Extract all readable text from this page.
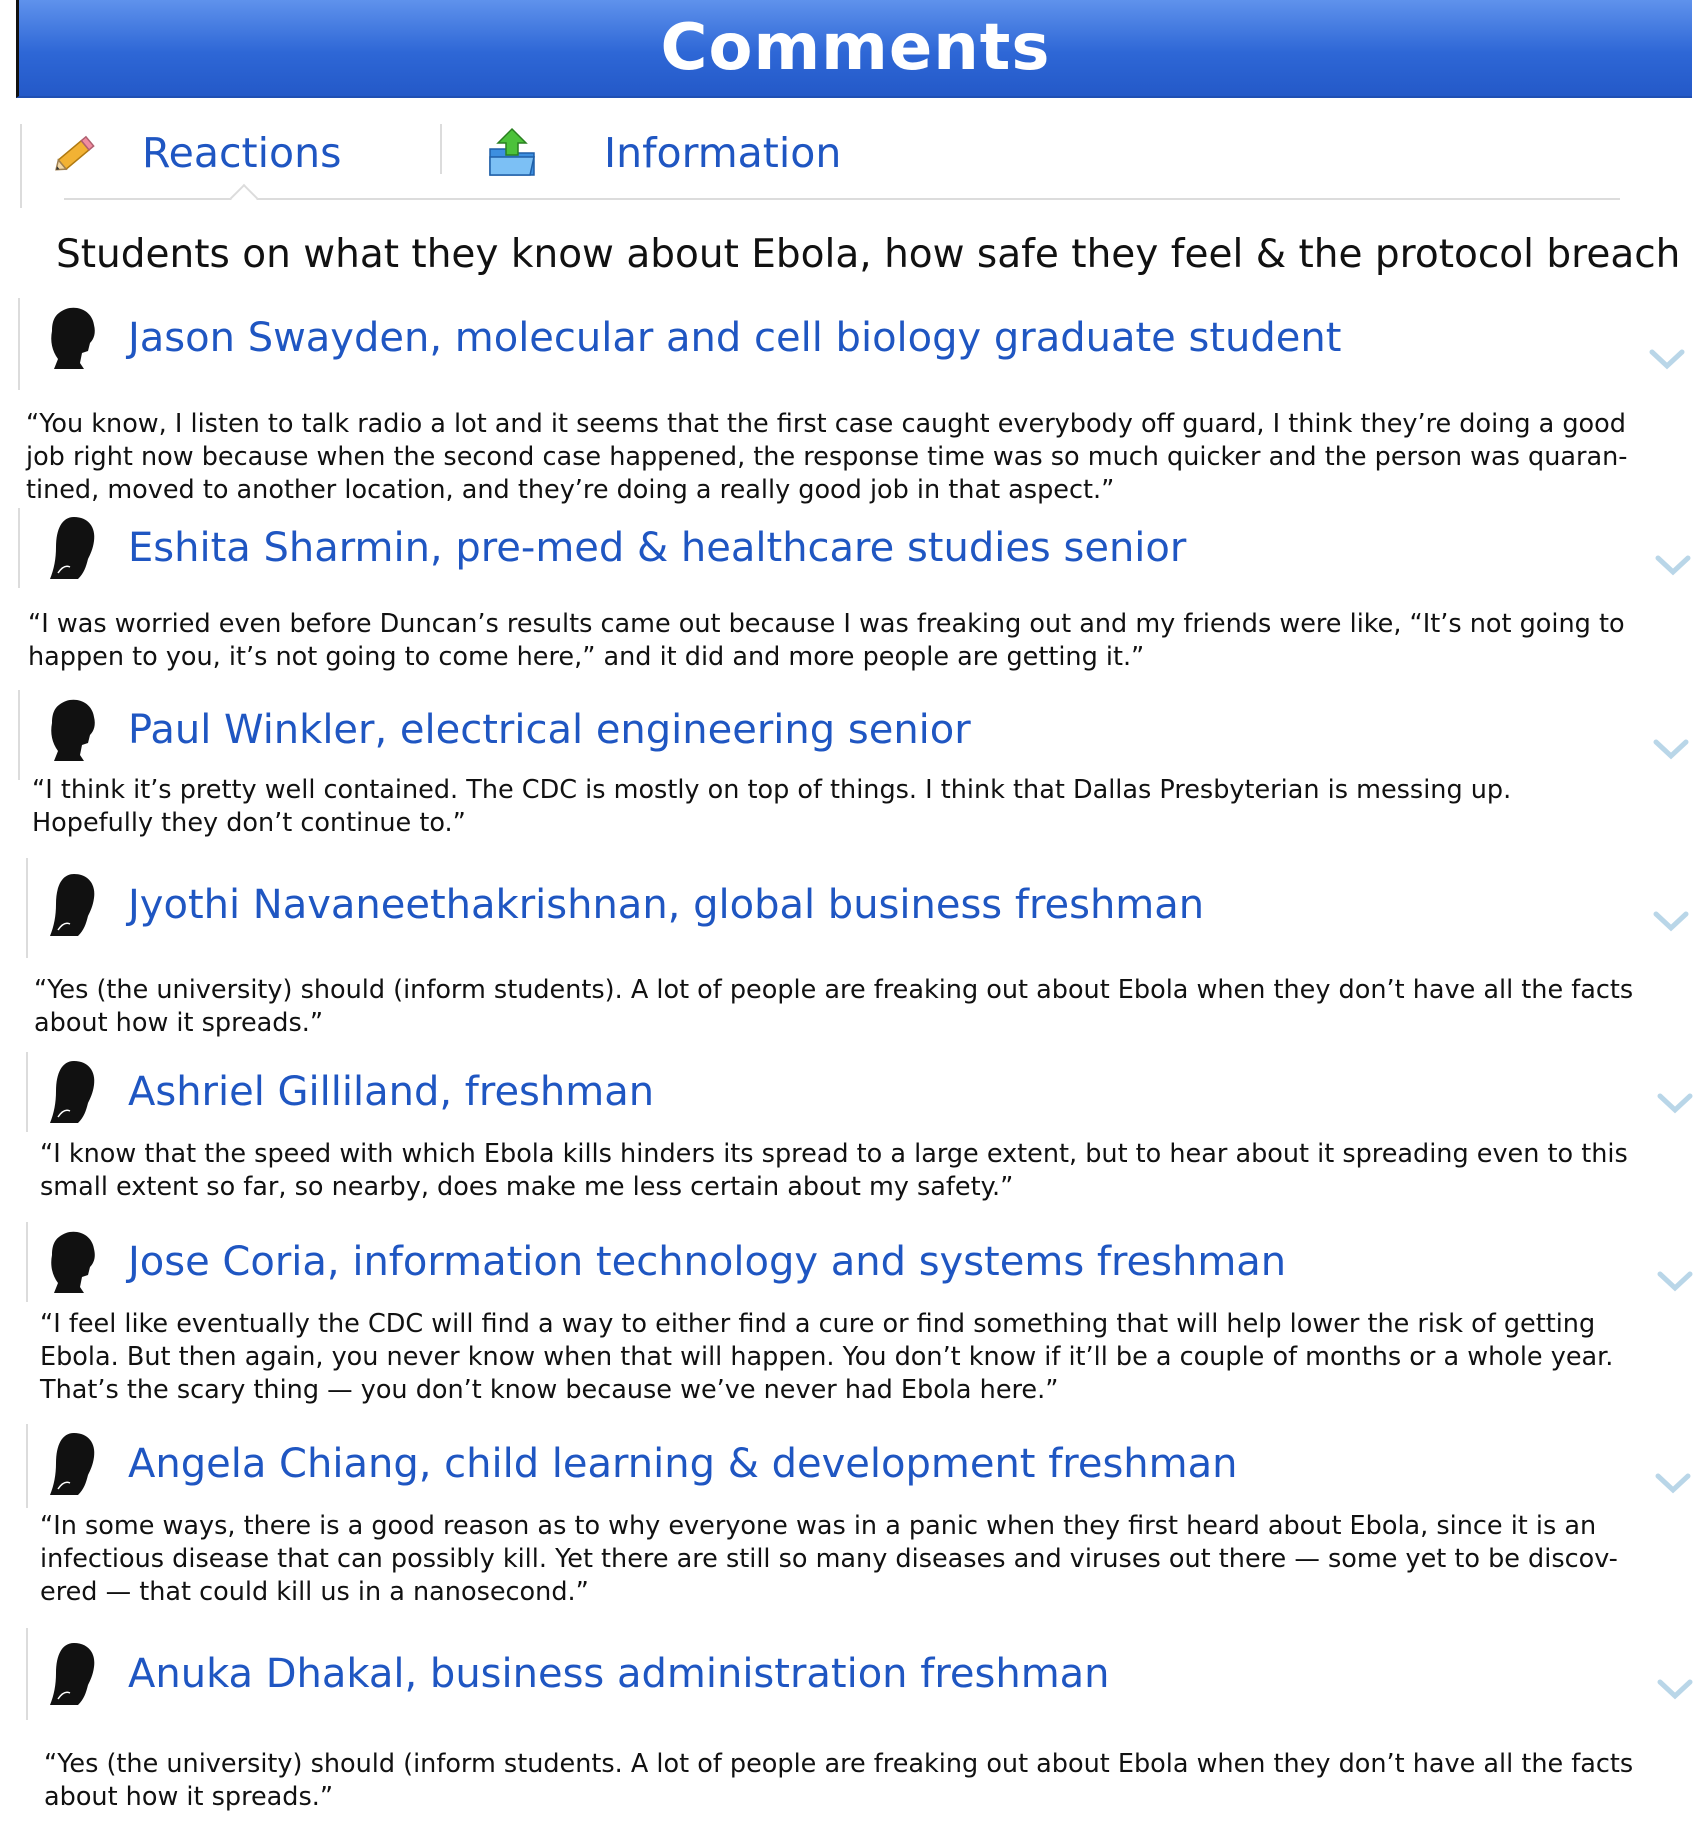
Comments
Reactions	Information
Students on what they know about Ebola, how safe they feel & the protocol breach
Jason Swayden, molecular and cell biology graduate student
“You know, I listen to talk radio a lot and it seems that the first case caught everybody off guard, I think they’re doing a good
job right now because when the second case happened, the response time was so much quicker and the person was quaran-
tined, moved to another location, and they’re doing a really good job in that aspect.”
Eshita Sharmin, pre-med & healthcare studies senior
“I was worried even before Duncan’s results came out because I was freaking out and my friends were like, “It’s not going to
happen to you, it’s not going to come here,” and it did and more people are getting it.”
Paul Winkler, electrical engineering senior
“I think it’s pretty well contained. The CDC is mostly on top of things. I think that Dallas Presbyterian is messing up.
Hopefully they don’t continue to.”
Jyothi Navaneethakrishnan, global business freshman
“Yes (the university) should (inform students). A lot of people are freaking out about Ebola when they don’t have all the facts
about how it spreads.”
Ashriel Gilliland, freshman
“I know that the speed with which Ebola kills hinders its spread to a large extent, but to hear about it spreading even to this
small extent so far, so nearby, does make me less certain about my safety.”
Jose Coria, information technology and systems freshman
“I feel like eventually the CDC will find a way to either find a cure or find something that will help lower the risk of getting
Ebola. But then again, you never know when that will happen. You don’t know if it’ll be a couple of months or a whole year.
That’s the scary thing — you don’t know because we’ve never had Ebola here.”
Angela Chiang, child learning & development freshman
“In some ways, there is a good reason as to why everyone was in a panic when they first heard about Ebola, since it is an
infectious disease that can possibly kill. Yet there are still so many diseases and viruses out there — some yet to be discov-
ered — that could kill us in a nanosecond.”
Anuka Dhakal, business administration freshman
“Yes (the university) should (inform students. A lot of people are freaking out about Ebola when they don’t have all the facts
about how it spreads.”
